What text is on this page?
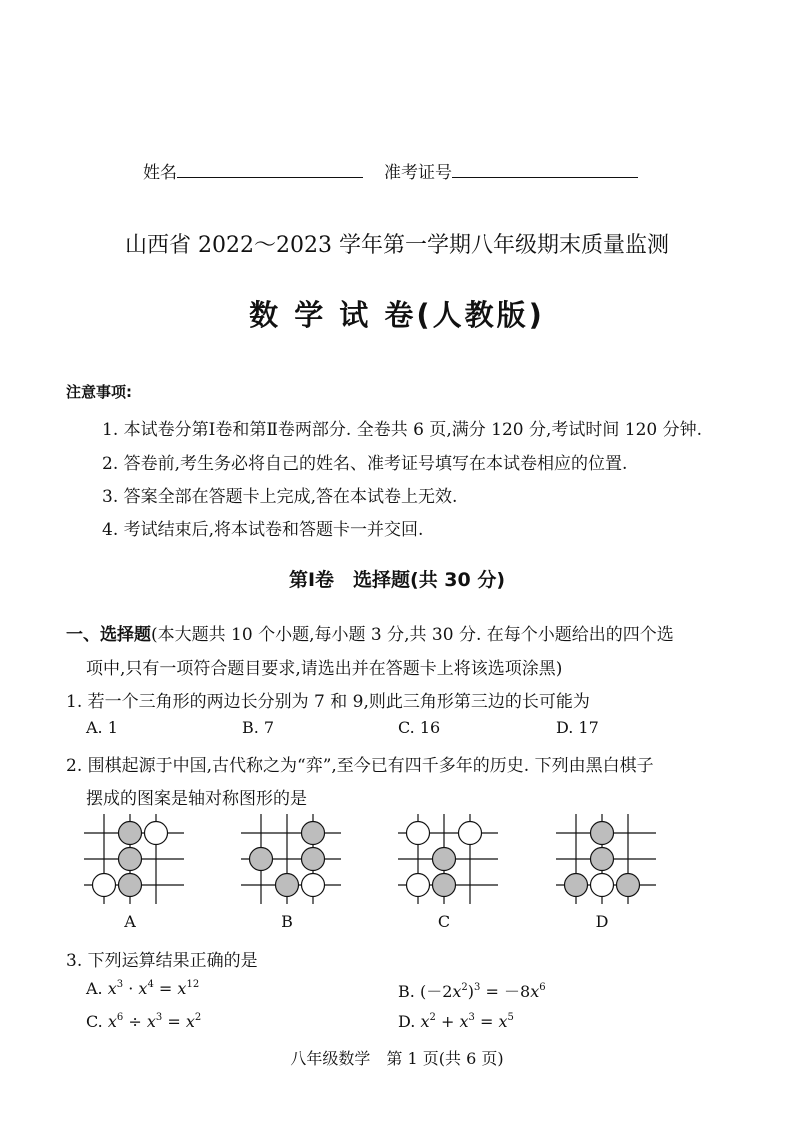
姓名	准考证号
山西省 2022～2023 学年第一学期八年级期末质量监测
数 学 试 卷(人教版)
注意事项:
1. 本试卷分第Ⅰ卷和第Ⅱ卷两部分. 全卷共 6 页,满分 120 分,考试时间 120 分钟.
2. 答卷前,考生务必将自己的姓名、准考证号填写在本试卷相应的位置.
3. 答案全部在答题卡上完成,答在本试卷上无效.
4. 考试结束后,将本试卷和答题卡一并交回.
第Ⅰ卷　选择题(共 30 分)
一、选择题(本大题共 10 个小题,每小题 3 分,共 30 分. 在每个小题给出的四个选
项中,只有一项符合题目要求,请选出并在答题卡上将该选项涂黑)
1. 若一个三角形的两边长分别为 7 和 9,则此三角形第三边的长可能为
A. 1	B. 7	C. 16	D. 17
2. 围棋起源于中国,古代称之为“弈”,至今已有四千多年的历史. 下列由黑白棋子
摆成的图案是轴对称图形的是
A	B	C	D
3. 下列运算结果正确的是
A. $x^3 \cdot x^4 = x^{12}$	B. $(-2x^2)^3 = -8x^6$
C. $x^6 \div x^3 = x^2$	D. $x^2 + x^3 = x^5$
八年级数学　第 1 页(共 6 页)
